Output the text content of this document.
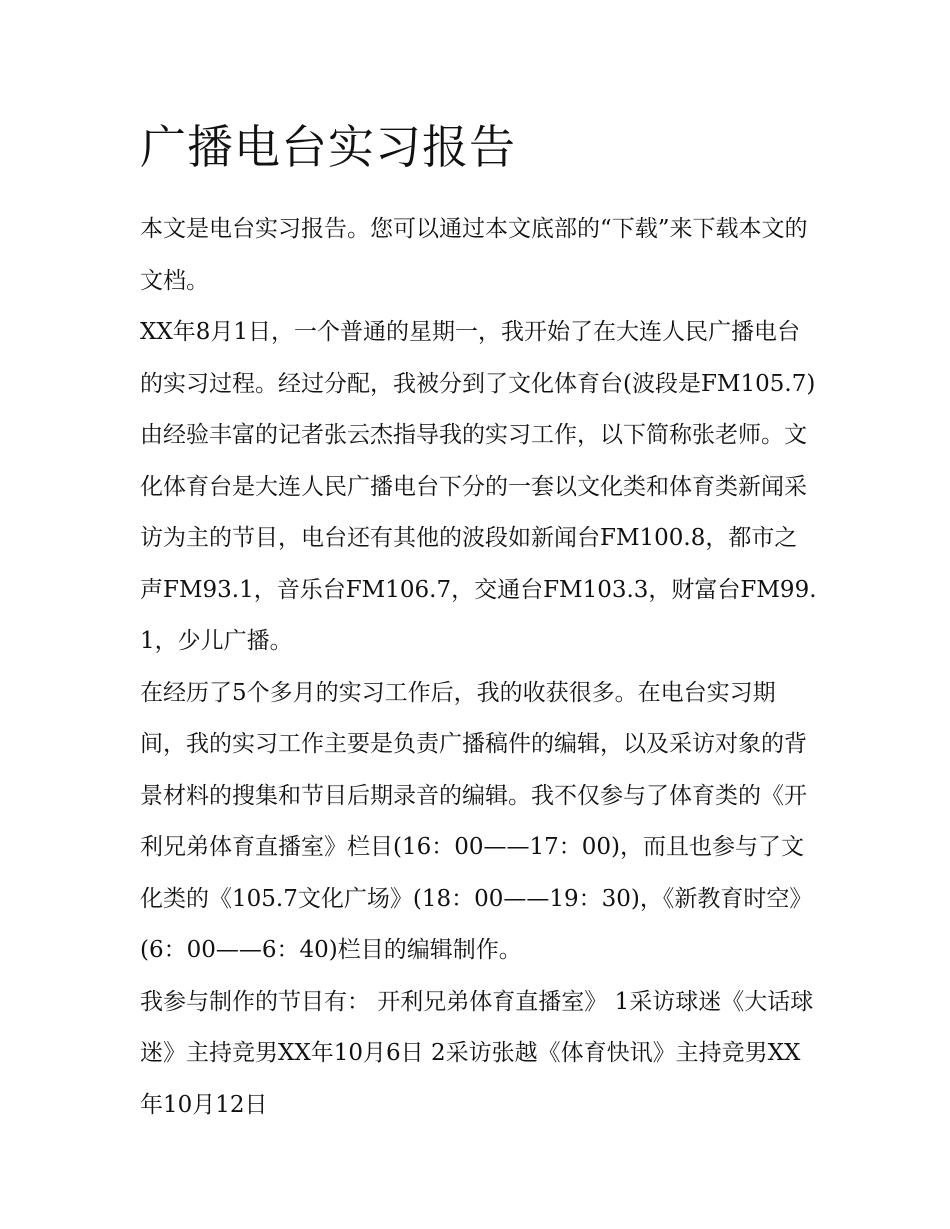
广播电台实习报告

本文是电台实习报告。您可以通过本文底部的“下载”来下载本文的文档。

XX年8月1日，一个普通的星期一，我开始了在大连人民广播电台的实习过程。经过分配，我被分到了文化体育台(波段是FM105.7)由经验丰富的记者张云杰指导我的实习工作，以下简称张老师。文化体育台是大连人民广播电台下分的一套以文化类和体育类新闻采访为主的节目，电台还有其他的波段如新闻台FM100.8，都市之声FM93.1，音乐台FM106.7，交通台FM103.3，财富台FM99.1，少儿广播。

在经历了5个多月的实习工作后，我的收获很多。在电台实习期间，我的实习工作主要是负责广播稿件的编辑，以及采访对象的背景材料的搜集和节目后期录音的编辑。我不仅参与了体育类的《开利兄弟体育直播室》栏目(16：00——17：00)，而且也参与了文化类的《105.7文化广场》(18：00——19：30)，《新教育时空》(6：00——6：40)栏目的编辑制作。

我参与制作的节目有： 开利兄弟体育直播室》 1采访球迷《大话球迷》主持竞男XX年10月6日 2采访张越《体育快讯》主持竞男XX年10月12日
